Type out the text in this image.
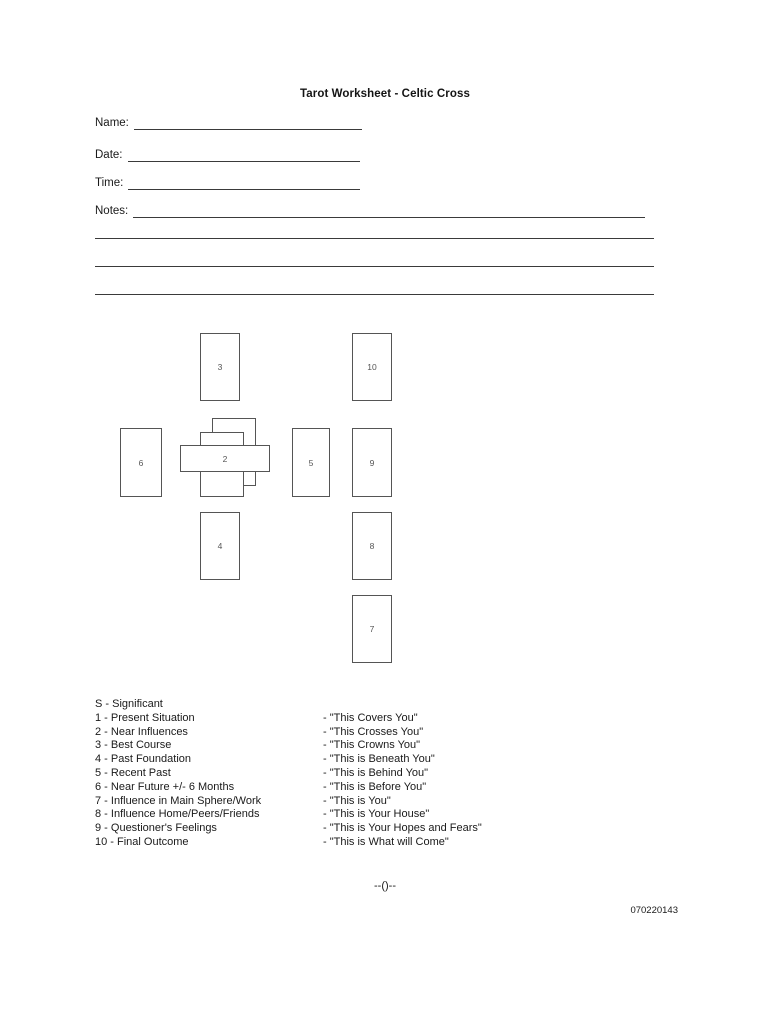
Tarot Worksheet - Celtic Cross
Name:
Date:
Time:
Notes:
3	10
6	5	9
2
4	8
7
S - Significant
1 - Present Situation	- "This Covers You"
2 - Near Influences	- "This Crosses You"
3 - Best Course	- "This Crowns You"
4 - Past Foundation	- "This is Beneath You"
5 - Recent Past	- "This is Behind You"
6 - Near Future +/- 6 Months	- "This is Before You"
7 - Influence in Main Sphere/Work	- "This is You"
8 - Influence Home/Peers/Friends	- "This is Your House"
9 - Questioner's Feelings	- "This is Your Hopes and Fears"
10 - Final Outcome	- "This is What will Come"
--()--
070220143
